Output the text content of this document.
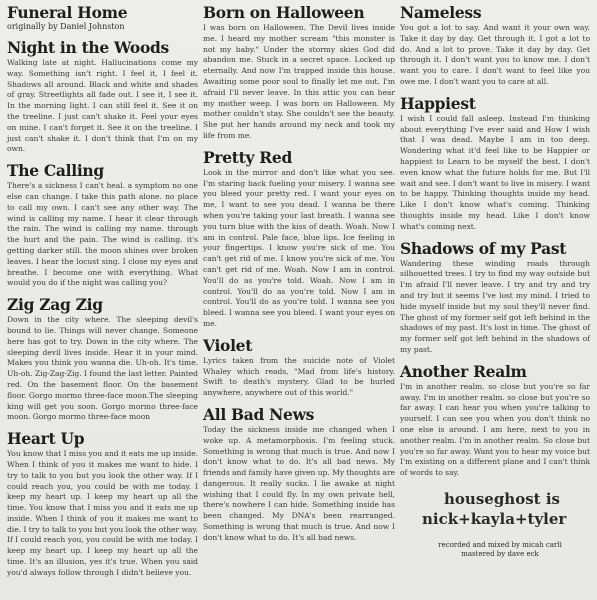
Funeral Home
originally by Daniel Johnston
Night in the Woods

Walking late at night. Hallucinations come my way. Something isn't right. I feel it, I feel it. Shadows all around. Black and white and shades of gray. Streetlights all fade out. I see it, I see it. In the morning light. I can still feel it. See it on the treeline. I just can't shake it. Feel your eyes on mine. I can't forget it. See it on the treeline. I just can't shake it. I don't think that I'm on my own.

The Calling

There's a sickness I can't heal. a symptom no one else can change. I take this path alone. no place to call my own. I can't see any other way. The wind is calling my name. I hear it clear through the rain. The wind is calling my name. through the hurt and the pain. The wind is calling. it's getting darker still. the moon shines over broken leaves. I hear the locust sing. I close my eyes and breathe. I become one with everything. What would you do if the night was calling you?

Zig Zag Zig

Down in the city where. The sleeping devil's bound to lie. Things will never change. Someone here has got to try. Down in the city where. The sleeping devil lives inside. Hear it in your mind. Makes you think you wanna die. Uh-oh. It's time. Uh-oh. Zig-Zag-Zig. I found the last letter. Painted red. On the basement floor. On the basement floor. Gorgo mormo three-face moon.The sleeping king will get you soon. Gorgo mormo three-face moon. Gorgo mormo three-face moon

Heart Up

You know that I miss you and it eats me up inside. When I think of you it makes me want to hide. I try to talk to you but you look the other way. If I could reach you, you could be with me today. I keep my heart up. I keep my heart up all the time. You know that I miss you and it eats me up inside. When I think of you it makes me want to die. I try to talk to you but you look the other way. If I could reach you, you could be with me today. I keep my heart up. I keep my heart up all the time. It's an illusion, yes it's true. When you said you'd always follow through I didn't believe you.

Born on Halloween

I was born on Halloween. The Devil lives inside me. I heard my mother scream "this monster is not my baby." Under the stormy skies God did abandon me. Stuck in a secret space. Locked up eternally. And now I'm trapped inside this house. Awaiting some poor soul to finally let me out. I'm afraid I'll never leave. In this attic you can hear my mother weep. I was born on Halloween. My mother couldn't stay. She couldn't see the beauty. She put her hands around my neck and took my life from me.

Pretty Red

Look in the mirror and don't like what you see. I'm staring back fueling your misery. I wanna see you bleed your pretty red. I want your eyes on me, I want to see you dead. I wanna be there when you're taking your last breath. I wanna see you turn blue with the kiss of death. Woah. Now I am in control. Pale face, blue lips. Ice feeling in your fingertips. I know you're sick of me. You can't get rid of me. I know you're sick of me. You can't get rid of me. Woah. Now I am in control. You'll do as you're told. Woah. Now I am in control. You'll do as you're told. Now I am in control. You'll do as you're told. I wanna see you bleed. I wanna see you bleed. I want your eyes on me.

Violet

Lyrics taken from the suicide note of Violet Whaley which reads, "Mad from life's history. Swift to death's mystery. Glad to be hurled anywhere, anywhere out of this world."

All Bad News

Today the sickness inside me changed when I woke up. A metamorphosis. I'm feeling stuck. Something is wrong that much is true. And now I don't know what to do. It's all bad news. My friends and family have given up. My thoughts are dangerous. It really sucks. I lie awake at night wishing that I could fly. In my own private hell, there's nowhere I can hide. Something inside has been changed. My DNA's been rearranged. Something is wrong that much is true. And now I don't know what to do. It's all bad news.

Nameless

You got a lot to say. And want it your own way. Take it day by day. Get through it. I got a lot to do. And a lot to prove. Take it day by day. Get through it. I don't want you to know me. I don't want you to care. I don't want to feel like you owe me. I don't want you to care at all.

Happiest

I wish I could fall asleep. Instead I'm thinking about everything I've ever said and How I wish that I was dead. Maybe I am in too deep. Wondering what it'd feel like to be Happier or happiest to Learn to be myself the best. I don't even know what the future holds for me. But I'll wait and see. I don't want to live in misery. I want to be happy. Thinking thoughts inside my head. Like I don't know what's coming. Thinking thoughts inside my head. Like I don't know what's coming next.

Shadows of my Past

Wandering these winding roads through silhouetted trees. I try to find my way outside but I'm afraid I'll never leave. I try and try and try and try but it seems I've lost my mind. I tried to hide myself inside but my soul they'll never find. The ghost of my former self got left behind in the shadows of my past. It's lost in time. The ghost of my former self got left behind in the shadows of my past.

Another Realm

I'm in another realm. so close but you're so far away. I'm in another realm. so close but you're so far away. I can hear you when you're talking to yourself. I can see you when you don't think no one else is around. I am here, next to you in another realm. I'm in another realm. So close but you're so far away. Want you to hear my voice but I'm existing on a different plane and I can't think of words to say.

houseghost is
nick+kayla+tyler
recorded and mixed by micah carli
mastered by dave eck
